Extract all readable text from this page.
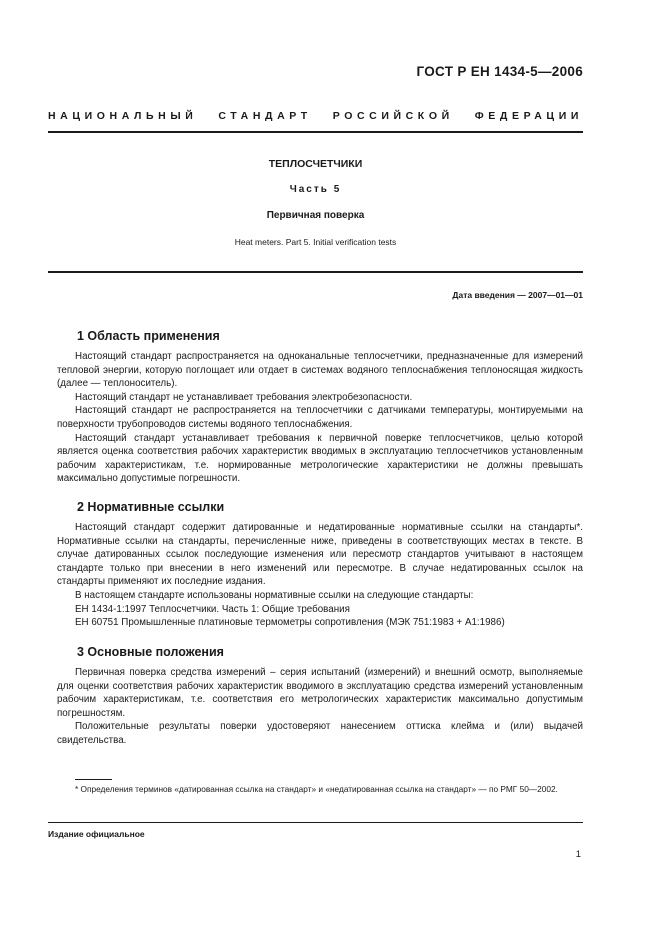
ГОСТ Р ЕН 1434-5—2006
НАЦИОНАЛЬНЫЙ СТАНДАРТ РОССИЙСКОЙ ФЕДЕРАЦИИ
ТЕПЛОСЧЕТЧИКИ
Часть 5
Первичная поверка
Heat meters. Part 5. Initial verification tests
Дата введения — 2007—01—01
1 Область применения

Настоящий стандарт распространяется на одноканальные теплосчетчики, предназначенные для измерений тепловой энергии, которую поглощает или отдает в системах водяного теплоснабжения теплоносящая жидкость (далее — теплоноситель).

Настоящий стандарт не устанавливает требования электробезопасности.

Настоящий стандарт не распространяется на теплосчетчики с датчиками температуры, монтируемыми на поверхности трубопроводов системы водяного теплоснабжения.

Настоящий стандарт устанавливает требования к первичной поверке теплосчетчиков, целью которой является оценка соответствия рабочих характеристик вводимых в эксплуатацию теплосчетчиков установленным рабочим характеристикам, т.е. нормированные метрологические характеристики не должны превышать максимально допустимые погрешности.

2 Нормативные ссылки

Настоящий стандарт содержит датированные и недатированные нормативные ссылки на стандарты*. Нормативные ссылки на стандарты, перечисленные ниже, приведены в соответствующих местах в тексте. В случае датированных ссылок последующие изменения или пересмотр стандартов учитывают в настоящем стандарте только при внесении в него изменений или пересмотре. В случае недатированных ссылок на стандарты применяют их последние издания.

В настоящем стандарте использованы нормативные ссылки на следующие стандарты:

ЕН 1434-1:1997 Теплосчетчики. Часть 1: Общие требования

ЕН 60751 Промышленные платиновые термометры сопротивления (МЭК 751:1983 + А1:1986)

3 Основные положения

Первичная поверка средства измерений – серия испытаний (измерений) и внешний осмотр, выполняемые для оценки соответствия рабочих характеристик вводимого в эксплуатацию средства измерений установленным рабочим характеристикам, т.е. соответствия его метрологических характеристик максимально допустимым погрешностям.

Положительные результаты поверки удостоверяют нанесением оттиска клейма и (или) выдачей свидетельства.

* Определения терминов «датированная ссылка на стандарт» и «недатированная ссылка на стандарт» — по РМГ 50—2002.
Издание официальное
1
